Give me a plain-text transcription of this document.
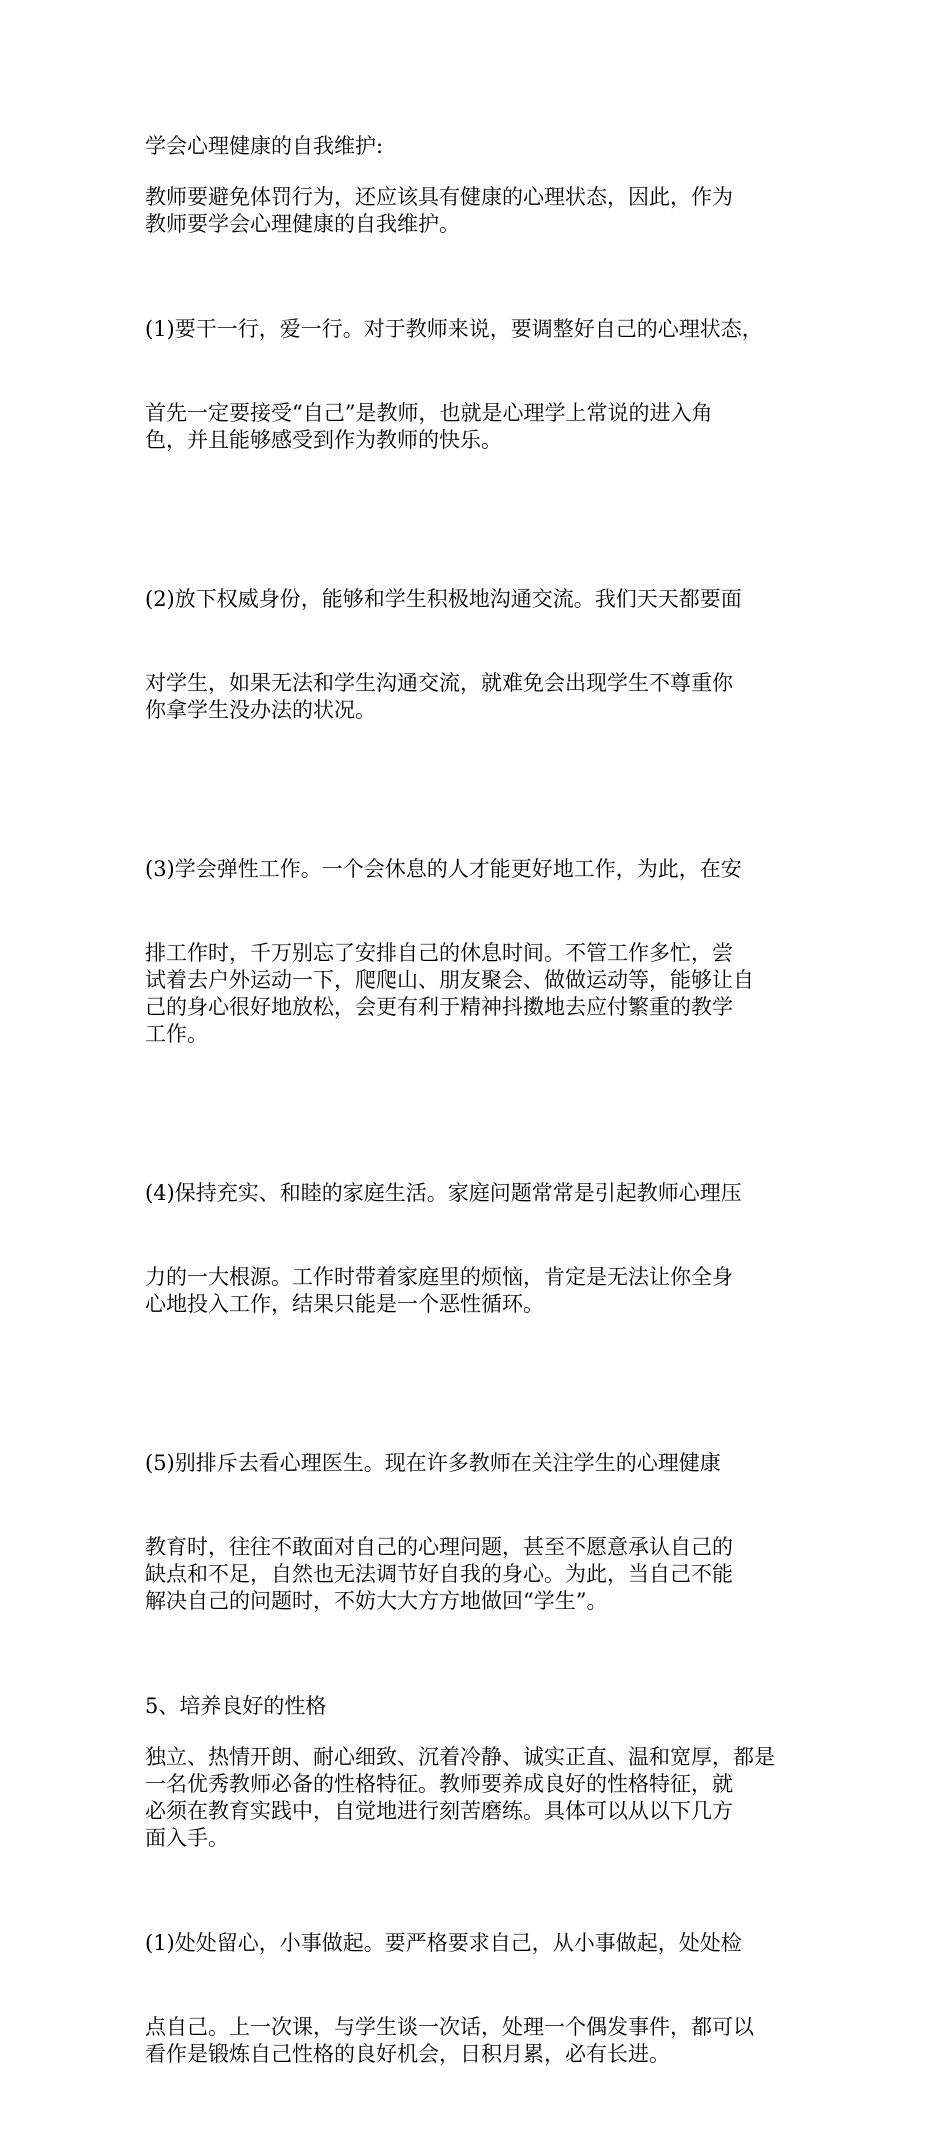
学会心理健康的自我维护:

教师要避免体罚行为，还应该具有健康的心理状态，因此，作为
教师要学会心理健康的自我维护。

(1)要干一行，爱一行。对于教师来说，要调整好自己的心理状态，

首先一定要接受“自己”是教师，也就是心理学上常说的进入角
色，并且能够感受到作为教师的快乐。

(2)放下权威身份，能够和学生积极地沟通交流。我们天天都要面

对学生，如果无法和学生沟通交流，就难免会出现学生不尊重你
你拿学生没办法的状况。

(3)学会弹性工作。一个会休息的人才能更好地工作，为此，在安

排工作时，千万别忘了安排自己的休息时间。不管工作多忙，尝
试着去户外运动一下，爬爬山、朋友聚会、做做运动等，能够让自
己的身心很好地放松，会更有利于精神抖擞地去应付繁重的教学
工作。

(4)保持充实、和睦的家庭生活。家庭问题常常是引起教师心理压

力的一大根源。工作时带着家庭里的烦恼，肯定是无法让你全身
心地投入工作，结果只能是一个恶性循环。

(5)别排斥去看心理医生。现在许多教师在关注学生的心理健康

教育时，往往不敢面对自己的心理问题，甚至不愿意承认自己的
缺点和不足，自然也无法调节好自我的身心。为此，当自己不能
解决自己的问题时，不妨大大方方地做回“学生”。

5、培养良好的性格

独立、热情开朗、耐心细致、沉着冷静、诚实正直、温和宽厚，都是
一名优秀教师必备的性格特征。教师要养成良好的性格特征，就
必须在教育实践中，自觉地进行刻苦磨练。具体可以从以下几方
面入手。

(1)处处留心，小事做起。要严格要求自己，从小事做起，处处检

点自己。上一次课，与学生谈一次话，处理一个偶发事件，都可以
看作是锻炼自己性格的良好机会，日积月累，必有长进。
